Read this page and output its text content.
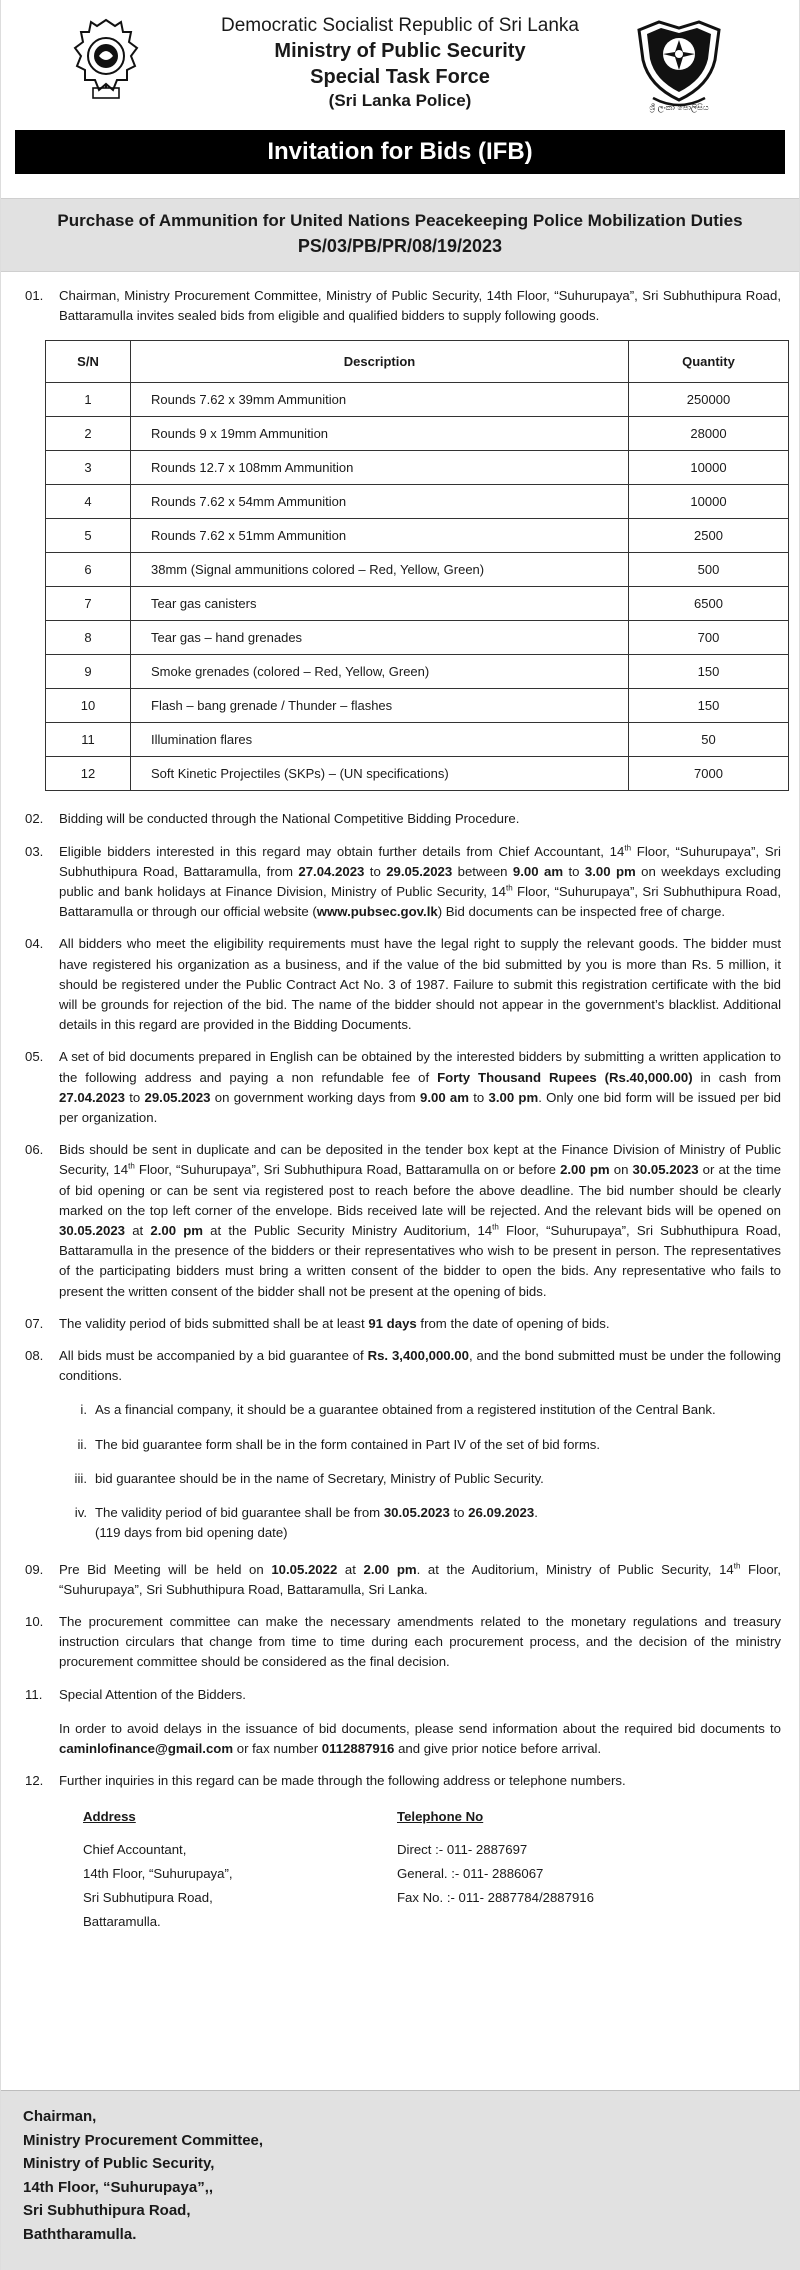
Democratic Socialist Republic of Sri Lanka
Ministry of Public Security
Special Task Force
(Sri Lanka Police)	ශ්‍රී ලංකා පොලිසිය
Invitation for Bids (IFB)
Purchase of Ammunition for United Nations Peacekeeping Police Mobilization Duties
PS/03/PB/PR/08/19/2023
01.	Chairman, Ministry Procurement Committee, Ministry of Public Security, 14th Floor, “Suhurupaya”, Sri Subhuthipura Road, Battaramulla invites sealed bids from eligible and qualified bidders to supply following goods.
S/N	Description	Quantity
1	Rounds 7.62 x 39mm Ammunition	250000
2	Rounds 9 x 19mm Ammunition	28000
3	Rounds 12.7 x 108mm Ammunition	10000
4	Rounds 7.62 x 54mm Ammunition	10000
5	Rounds 7.62 x 51mm Ammunition	2500
6	38mm (Signal ammunitions colored – Red, Yellow, Green)	500
7	Tear gas canisters	6500
8	Tear gas – hand grenades	700
9	Smoke grenades (colored – Red, Yellow, Green)	150
10	Flash – bang grenade / Thunder – flashes	150
11	Illumination flares	50
12	Soft Kinetic Projectiles (SKPs) – (UN specifications)	7000
02.	Bidding will be conducted through the National Competitive Bidding Procedure.
03.	Eligible bidders interested in this regard may obtain further details from Chief Accountant, 14th Floor, “Suhurupaya”, Sri Subhuthipura Road, Battaramulla, from 27.04.2023 to 29.05.2023 between 9.00 am to 3.00 pm on weekdays excluding public and bank holidays at Finance Division, Ministry of Public Security, 14th Floor, “Suhurupaya”, Sri Subhuthipura Road, Battaramulla or through our official website (www.pubsec.gov.lk) Bid documents can be inspected free of charge.
04.	All bidders who meet the eligibility requirements must have the legal right to supply the relevant goods. The bidder must have registered his organization as a business, and if the value of the bid submitted by you is more than Rs. 5 million, it should be registered under the Public Contract Act No. 3 of 1987. Failure to submit this registration certificate with the bid will be grounds for rejection of the bid. The name of the bidder should not appear in the government’s blacklist. Additional details in this regard are provided in the Bidding Documents.
05.	A set of bid documents prepared in English can be obtained by the interested bidders by submitting a written application to the following address and paying a non refundable fee of Forty Thousand Rupees (Rs.40,000.00) in cash from 27.04.2023 to 29.05.2023 on government working days from 9.00 am to 3.00 pm. Only one bid form will be issued per bid per organization.
06.	Bids should be sent in duplicate and can be deposited in the tender box kept at the Finance Division of Ministry of Public Security, 14th Floor, “Suhurupaya”, Sri Subhuthipura Road, Battaramulla on or before 2.00 pm on 30.05.2023 or at the time of bid opening or can be sent via registered post to reach before the above deadline. The bid number should be clearly marked on the top left corner of the envelope. Bids received late will be rejected. And the relevant bids will be opened on 30.05.2023 at 2.00 pm at the Public Security Ministry Auditorium, 14th Floor, “Suhurupaya”, Sri Subhuthipura Road, Battaramulla in the presence of the bidders or their representatives who wish to be present in person. The representatives of the participating bidders must bring a written consent of the bidder to open the bids. Any representative who fails to present the written consent of the bidder shall not be present at the opening of bids.
07.	The validity period of bids submitted shall be at least 91 days from the date of opening of bids.
08.	All bids must be accompanied by a bid guarantee of Rs. 3,400,000.00, and the bond submitted must be under the following conditions.
i. As a financial company, it should be a guarantee obtained from a registered institution of the Central Bank.
ii. The bid guarantee form shall be in the form contained in Part IV of the set of bid forms.
iii. bid guarantee should be in the name of Secretary, Ministry of Public Security.
iv. The validity period of bid guarantee shall be from 30.05.2023 to 26.09.2023.
(119 days from bid opening date)
09.	Pre Bid Meeting will be held on 10.05.2022 at 2.00 pm. at the Auditorium, Ministry of Public Security, 14th Floor, “Suhurupaya”, Sri Subhuthipura Road, Battaramulla, Sri Lanka.
10.	The procurement committee can make the necessary amendments related to the monetary regulations and treasury instruction circulars that change from time to time during each procurement process, and the decision of the ministry procurement committee should be considered as the final decision.
11.	Special Attention of the Bidders.
In order to avoid delays in the issuance of bid documents, please send information about the required bid documents to caminlofinance@gmail.com or fax number 0112887916 and give prior notice before arrival.
12.	Further inquiries in this regard can be made through the following address or telephone numbers.
Address
Chief Accountant,
14th Floor, “Suhurupaya”,
Sri Subhutipura Road,
Battaramulla.
Telephone No
Direct :- 011- 2887697
General. :- 011- 2886067
Fax No. :- 011- 2887784/2887916
Chairman,
Ministry Procurement Committee,
Ministry of Public Security,
14th Floor, “Suhurupaya”,,
Sri Subhuthipura Road,
Baththaramulla.
